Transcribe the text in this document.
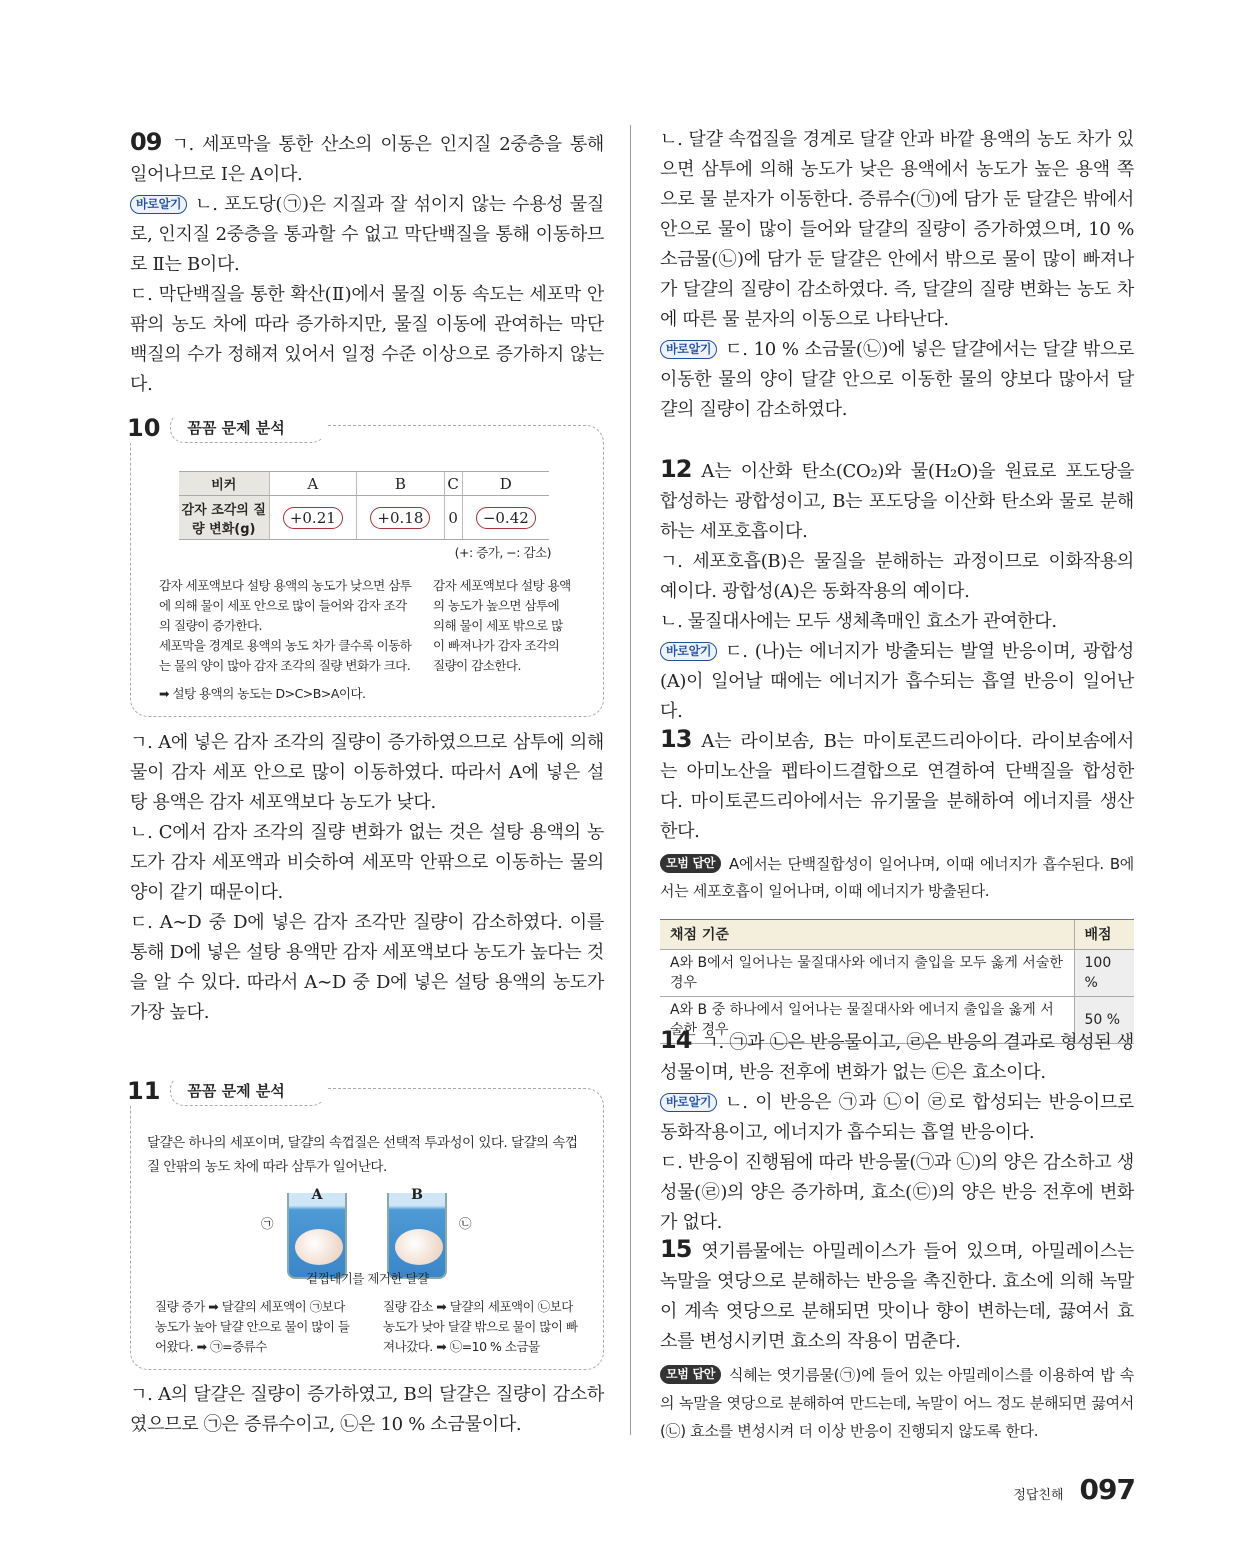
09 ㄱ. 세포막을 통한 산소의 이동은 인지질 2중층을 통해 일어나므로 Ⅰ은 A이다.

바로알기 ㄴ. 포도당(㉠)은 지질과 잘 섞이지 않는 수용성 물질로, 인지질 2중층을 통과할 수 없고 막단백질을 통해 이동하므로 Ⅱ는 B이다.

ㄷ. 막단백질을 통한 확산(Ⅱ)에서 물질 이동 속도는 세포막 안팎의 농도 차에 따라 증가하지만, 물질 이동에 관여하는 막단백질의 수가 정해져 있어서 일정 수준 이상으로 증가하지 않는다.

10	꼼꼼 문제 분석
비커	A	B	C	D
감자 조각의 질량 변화(g)	+0.21	+0.18	0	−0.42
(+: 증가, −: 감소)
감자 세포액보다 설탕 용액의 농도가 낮으면 삼투에 의해 물이 세포 안으로 많이 들어와 감자 조각의 질량이 증가한다.
세포막을 경계로 용액의 농도 차가 클수록 이동하는 물의 양이 많아 감자 조각의 질량 변화가 크다.
감자 세포액보다 설탕 용액의 농도가 높으면 삼투에 의해 물이 세포 밖으로 많이 빠져나가 감자 조각의 질량이 감소한다.
➡ 설탕 용액의 농도는 D>C>B>A이다.

ㄱ. A에 넣은 감자 조각의 질량이 증가하였으므로 삼투에 의해 물이 감자 세포 안으로 많이 이동하였다. 따라서 A에 넣은 설탕 용액은 감자 세포액보다 농도가 낮다.

ㄴ. C에서 감자 조각의 질량 변화가 없는 것은 설탕 용액의 농도가 감자 세포액과 비슷하여 세포막 안팎으로 이동하는 물의 양이 같기 때문이다.

ㄷ. A∼D 중 D에 넣은 감자 조각만 질량이 감소하였다. 이를 통해 D에 넣은 설탕 용액만 감자 세포액보다 농도가 높다는 것을 알 수 있다. 따라서 A∼D 중 D에 넣은 설탕 용액의 농도가 가장 높다.

11	꼼꼼 문제 분석
달걀은 하나의 세포이며, 달걀의 속껍질은 선택적 투과성이 있다. 달걀의 속껍질 안팎의 농도 차에 따라 삼투가 일어난다.
A	B
㉠	㉡
겉껍데기를 제거한 달걀
질량 증가 ➡ 달걀의 세포액이 ㉠보다 농도가 높아 달걀 안으로 물이 많이 들어왔다. ➡ ㉠=증류수
질량 감소 ➡ 달걀의 세포액이 ㉡보다 농도가 낮아 달걀 밖으로 물이 많이 빠져나갔다. ➡ ㉡=10 % 소금물

ㄱ. A의 달걀은 질량이 증가하였고, B의 달걀은 질량이 감소하였으므로 ㉠은 증류수이고, ㉡은 10 % 소금물이다.

ㄴ. 달걀 속껍질을 경계로 달걀 안과 바깥 용액의 농도 차가 있으면 삼투에 의해 농도가 낮은 용액에서 농도가 높은 용액 쪽으로 물 분자가 이동한다. 증류수(㉠)에 담가 둔 달걀은 밖에서 안으로 물이 많이 들어와 달걀의 질량이 증가하였으며, 10 % 소금물(㉡)에 담가 둔 달걀은 안에서 밖으로 물이 많이 빠져나가 달걀의 질량이 감소하였다. 즉, 달걀의 질량 변화는 농도 차에 따른 물 분자의 이동으로 나타난다.

바로알기 ㄷ. 10 % 소금물(㉡)에 넣은 달걀에서는 달걀 밖으로 이동한 물의 양이 달걀 안으로 이동한 물의 양보다 많아서 달걀의 질량이 감소하였다.

12 A는 이산화 탄소(CO₂)와 물(H₂O)을 원료로 포도당을 합성하는 광합성이고, B는 포도당을 이산화 탄소와 물로 분해하는 세포호흡이다.

ㄱ. 세포호흡(B)은 물질을 분해하는 과정이므로 이화작용의 예이다. 광합성(A)은 동화작용의 예이다.

ㄴ. 물질대사에는 모두 생체촉매인 효소가 관여한다.

바로알기 ㄷ. (나)는 에너지가 방출되는 발열 반응이며, 광합성(A)이 일어날 때에는 에너지가 흡수되는 흡열 반응이 일어난다.

13 A는 라이보솜, B는 마이토콘드리아이다. 라이보솜에서는 아미노산을 펩타이드결합으로 연결하여 단백질을 합성한다. 마이토콘드리아에서는 유기물을 분해하여 에너지를 생산한다.

모범 답안 A에서는 단백질합성이 일어나며, 이때 에너지가 흡수된다. B에서는 세포호흡이 일어나며, 이때 에너지가 방출된다.

채점 기준	배점
A와 B에서 일어나는 물질대사와 에너지 출입을 모두 옳게 서술한 경우	100 %
A와 B 중 하나에서 일어나는 물질대사와 에너지 출입을 옳게 서술한 경우	50 %

14 ㄱ. ㉠과 ㉡은 반응물이고, ㉣은 반응의 결과로 형성된 생성물이며, 반응 전후에 변화가 없는 ㉢은 효소이다.

바로알기 ㄴ. 이 반응은 ㉠과 ㉡이 ㉣로 합성되는 반응이므로 동화작용이고, 에너지가 흡수되는 흡열 반응이다.

ㄷ. 반응이 진행됨에 따라 반응물(㉠과 ㉡)의 양은 감소하고 생성물(㉣)의 양은 증가하며, 효소(㉢)의 양은 반응 전후에 변화가 없다.

15 엿기름물에는 아밀레이스가 들어 있으며, 아밀레이스는 녹말을 엿당으로 분해하는 반응을 촉진한다. 효소에 의해 녹말이 계속 엿당으로 분해되면 맛이나 향이 변하는데, 끓여서 효소를 변성시키면 효소의 작용이 멈춘다.

모범 답안 식혜는 엿기름물(㉠)에 들어 있는 아밀레이스를 이용하여 밥 속의 녹말을 엿당으로 분해하여 만드는데, 녹말이 어느 정도 분해되면 끓여서(㉡) 효소를 변성시켜 더 이상 반응이 진행되지 않도록 한다.

정답친해 097
